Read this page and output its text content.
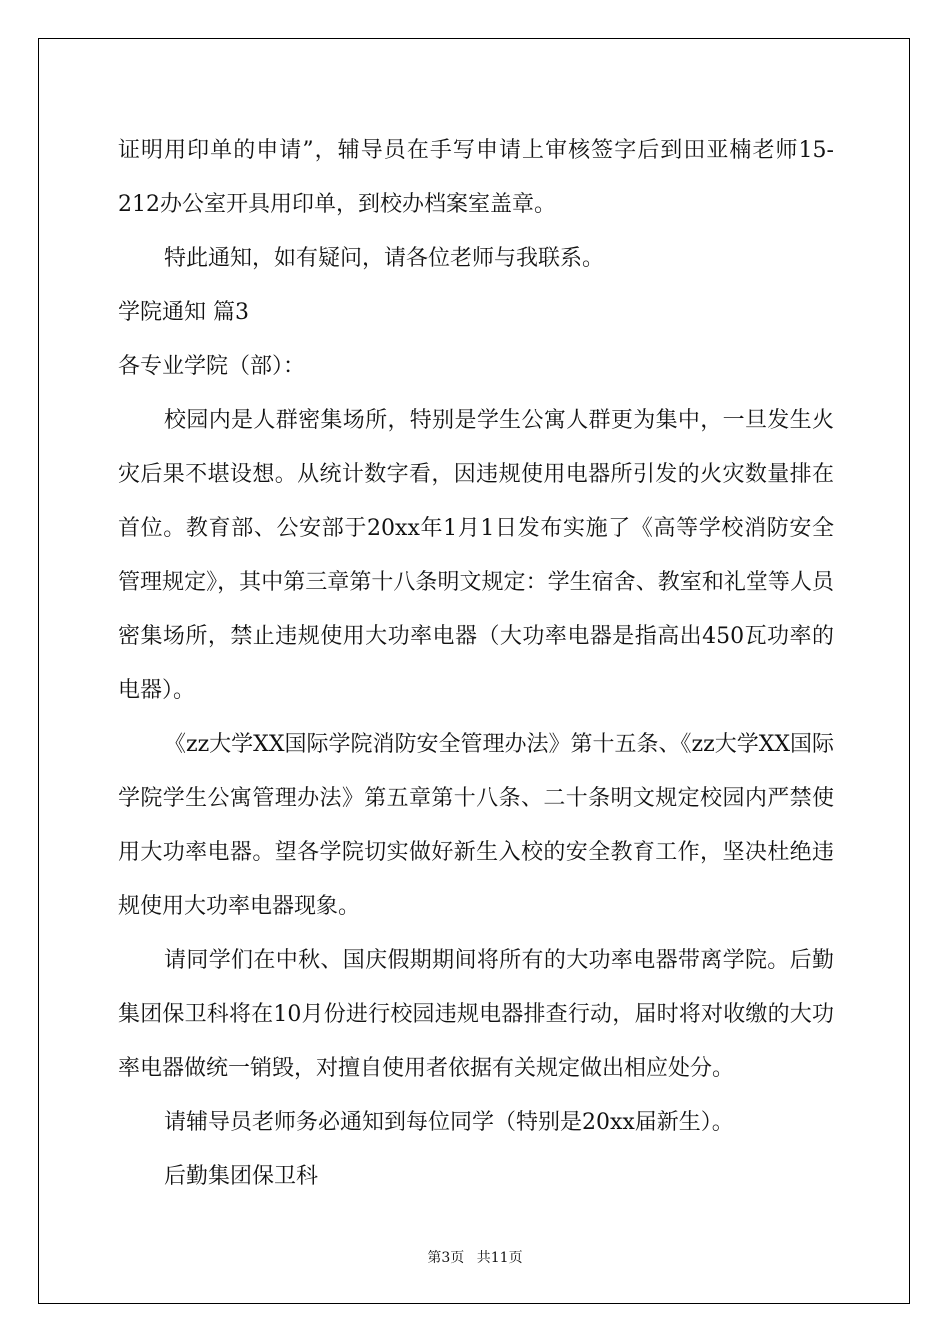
证明用印单的申请”，辅导员在手写申请上审核签字后到田亚楠老师15-212办公室开具用印单，到校办档案室盖章。

特此通知，如有疑问，请各位老师与我联系。

学院通知 篇3

各专业学院（部）：

校园内是人群密集场所，特别是学生公寓人群更为集中，一旦发生火灾后果不堪设想。从统计数字看，因违规使用电器所引发的火灾数量排在首位。教育部、公安部于20xx年1月1日发布实施了《高等学校消防安全管理规定》，其中第三章第十八条明文规定：学生宿舍、教室和礼堂等人员密集场所，禁止违规使用大功率电器（大功率电器是指高出450瓦功率的电器）。

《zz大学XX国际学院消防安全管理办法》第十五条、《zz大学XX国际学院学生公寓管理办法》第五章第十八条、二十条明文规定校园内严禁使用大功率电器。望各学院切实做好新生入校的安全教育工作，坚决杜绝违规使用大功率电器现象。

请同学们在中秋、国庆假期期间将所有的大功率电器带离学院。后勤集团保卫科将在10月份进行校园违规电器排查行动，届时将对收缴的大功率电器做统一销毁，对擅自使用者依据有关规定做出相应处分。

请辅导员老师务必通知到每位同学（特别是20xx届新生）。

后勤集团保卫科

第3页 共11页
